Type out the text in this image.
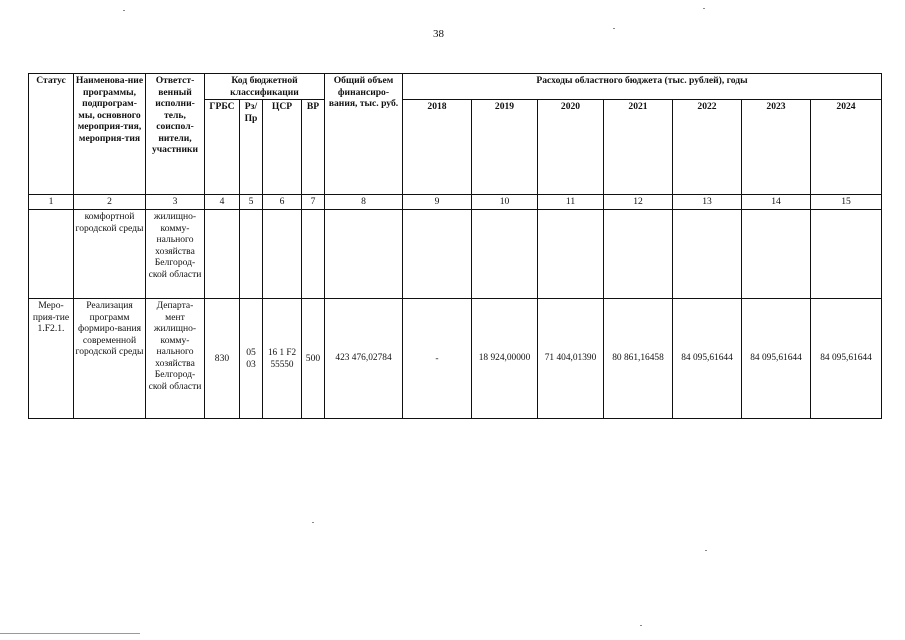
38
Статус	Наименова-ние программы, подпрограм-мы, основного мероприя-тия, мероприя-тия	Ответст-венный исполни-тель, соиспол-нители, участники	Код бюджетной классификации				Общий объем финансиро-вания, тыс. руб.	Расходы областного бюджета (тыс. рублей), годы						
			ГРБС	Рз/ Пр	ЦСР	ВР		2018	2019	2020	2021	2022	2023	2024
1	2	3	4	5	6	7	8	9	10	11	12	13	14	15
	комфортной городской среды	жилищно-комму-нального хозяйства Белгород-ской области												
Меро-прия-тие 1.F2.1.	Реализация программ формиро-вания современной городской среды	Департа-мент жилищно-комму-нального хозяйства Белгород-ской области	830	05 03	16 1 F2 55550	500	423 476,02784	-	18 924,00000	71 404,01390	80 861,16458	84 095,61644	84 095,61644	84 095,61644
